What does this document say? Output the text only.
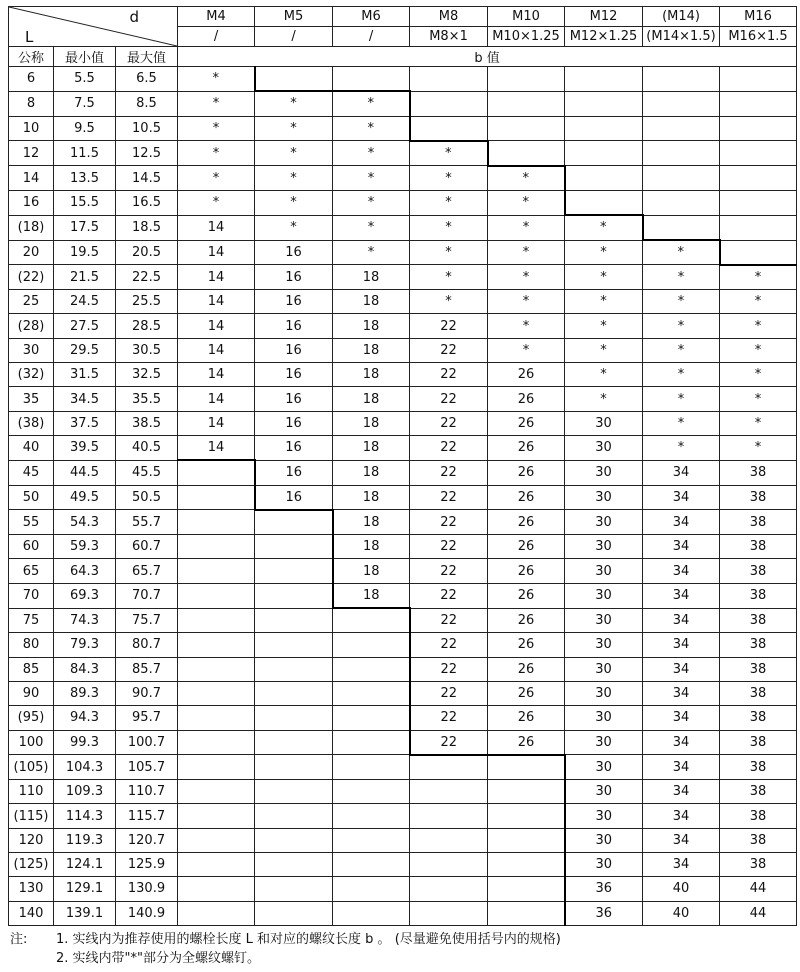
d
L			M4	M5	M6	M8	M10	M12	(M14)	M16
			/	/	/	M8×1	M10×1.25	M12×1.25	(M14×1.5)	M16×1.5
公称	最小值	最大值	b 值							
6	5.5	6.5	*							
8	7.5	8.5	*	*	*					
10	9.5	10.5	*	*	*					
12	11.5	12.5	*	*	*	*				
14	13.5	14.5	*	*	*	*	*			
16	15.5	16.5	*	*	*	*	*			
(18)	17.5	18.5	14	*	*	*	*	*		
20	19.5	20.5	14	16	*	*	*	*	*	
(22)	21.5	22.5	14	16	18	*	*	*	*	*
25	24.5	25.5	14	16	18	*	*	*	*	*
(28)	27.5	28.5	14	16	18	22	*	*	*	*
30	29.5	30.5	14	16	18	22	*	*	*	*
(32)	31.5	32.5	14	16	18	22	26	*	*	*
35	34.5	35.5	14	16	18	22	26	*	*	*
(38)	37.5	38.5	14	16	18	22	26	30	*	*
40	39.5	40.5	14	16	18	22	26	30	*	*
45	44.5	45.5		16	18	22	26	30	34	38
50	49.5	50.5		16	18	22	26	30	34	38
55	54.3	55.7			18	22	26	30	34	38
60	59.3	60.7			18	22	26	30	34	38
65	64.3	65.7			18	22	26	30	34	38
70	69.3	70.7			18	22	26	30	34	38
75	74.3	75.7				22	26	30	34	38
80	79.3	80.7				22	26	30	34	38
85	84.3	85.7				22	26	30	34	38
90	89.3	90.7				22	26	30	34	38
(95)	94.3	95.7				22	26	30	34	38
100	99.3	100.7				22	26	30	34	38
(105)	104.3	105.7						30	34	38
110	109.3	110.7						30	34	38
(115)	114.3	115.7						30	34	38
120	119.3	120.7						30	34	38
(125)	124.1	125.9						30	34	38
130	129.1	130.9						36	40	44
140	139.1	140.9						36	40	44
注:	1. 实线内为推荐使用的螺栓长度 L 和对应的螺纹长度 b 。 (尽量避免使用括号内的规格)
2. 实线内带"*"部分为全螺纹螺钉。
